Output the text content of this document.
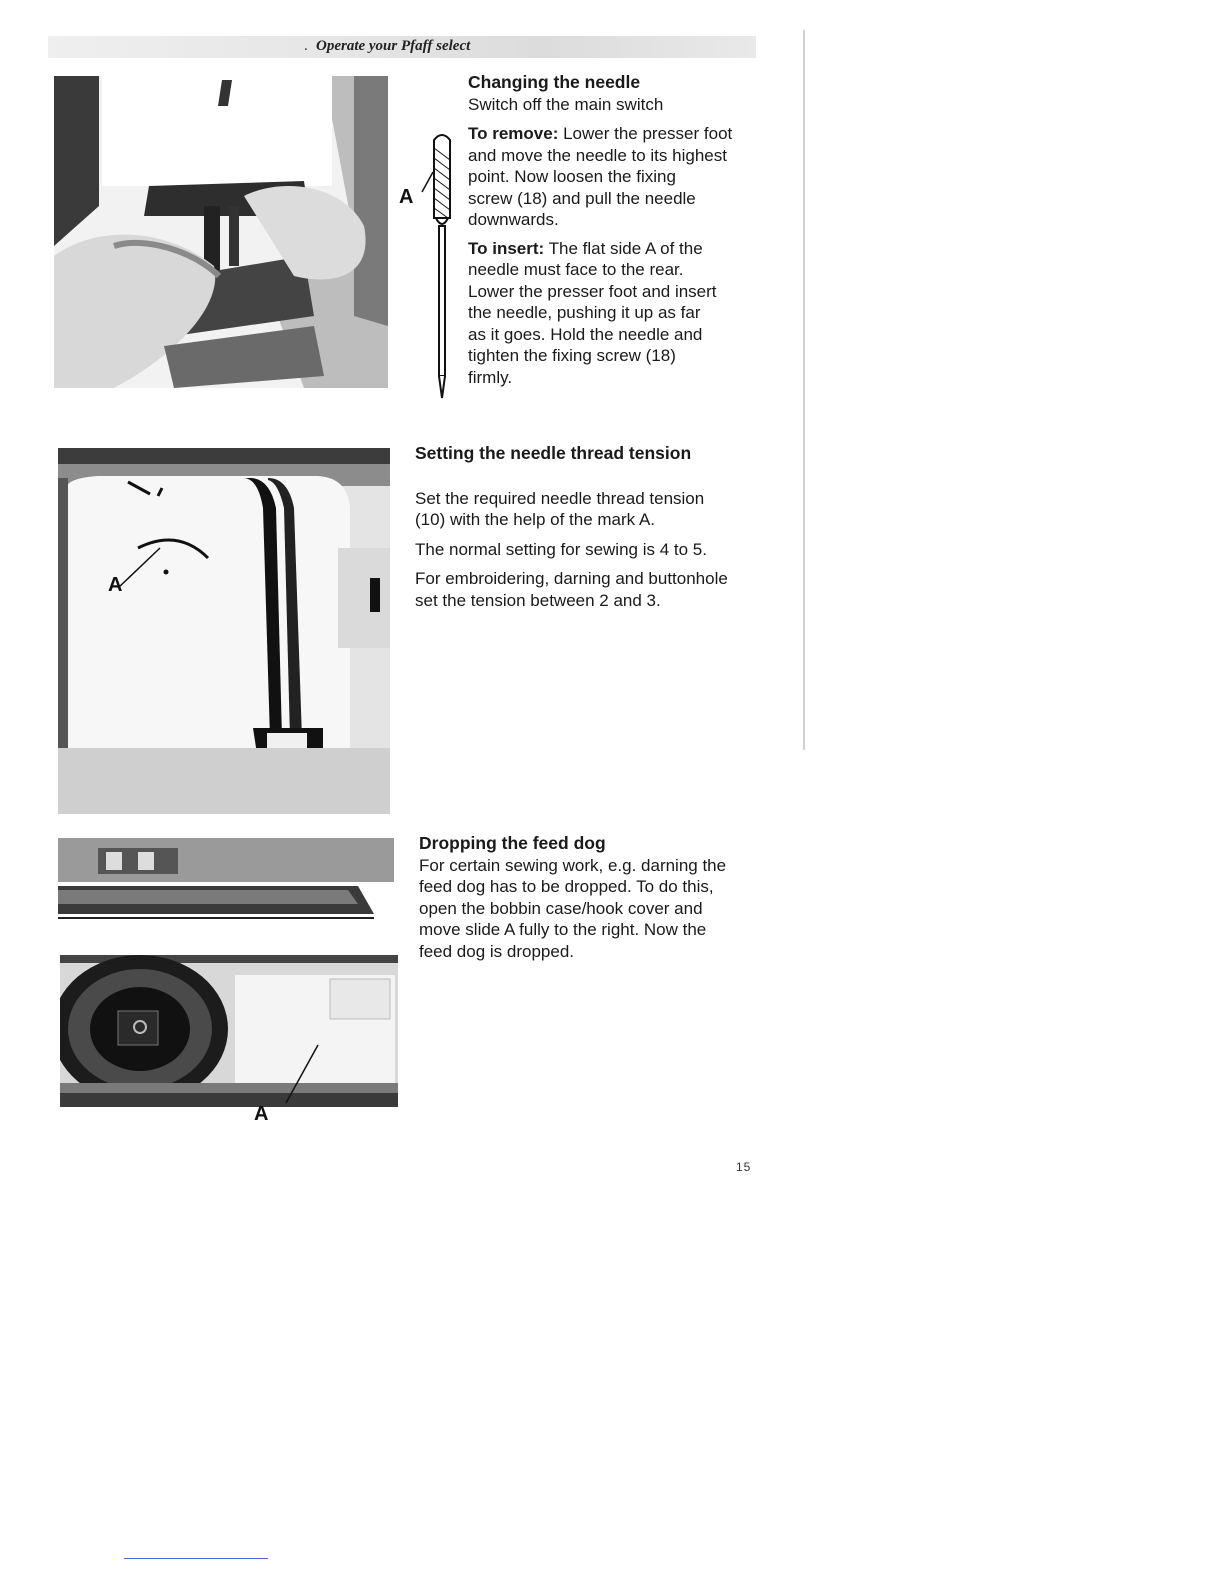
. Operate your Pfaff select
A

Changing the needle

Switch off the main switch

To remove: Lower the presser foot
and move the needle to its highest
point. Now loosen the fixing
screw (18) and pull the needle
downwards.

To insert: The flat side A of the
needle must face to the rear.
Lower the presser foot and insert
the needle, pushing it up as far
as it goes. Hold the needle and
tighten the fixing screw (18)
firmly.

A

Setting the needle thread tension

Set the required needle thread tension
(10) with the help of the mark A.

The normal setting for sewing is 4 to 5.

For embroidering, darning and buttonhole
set the tension between 2 and 3.

A

Dropping the feed dog

For certain sewing work, e.g. darning the
feed dog has to be dropped. To do this,
open the bobbin case/hook cover and
move slide A fully to the right. Now the
feed dog is dropped.

15
